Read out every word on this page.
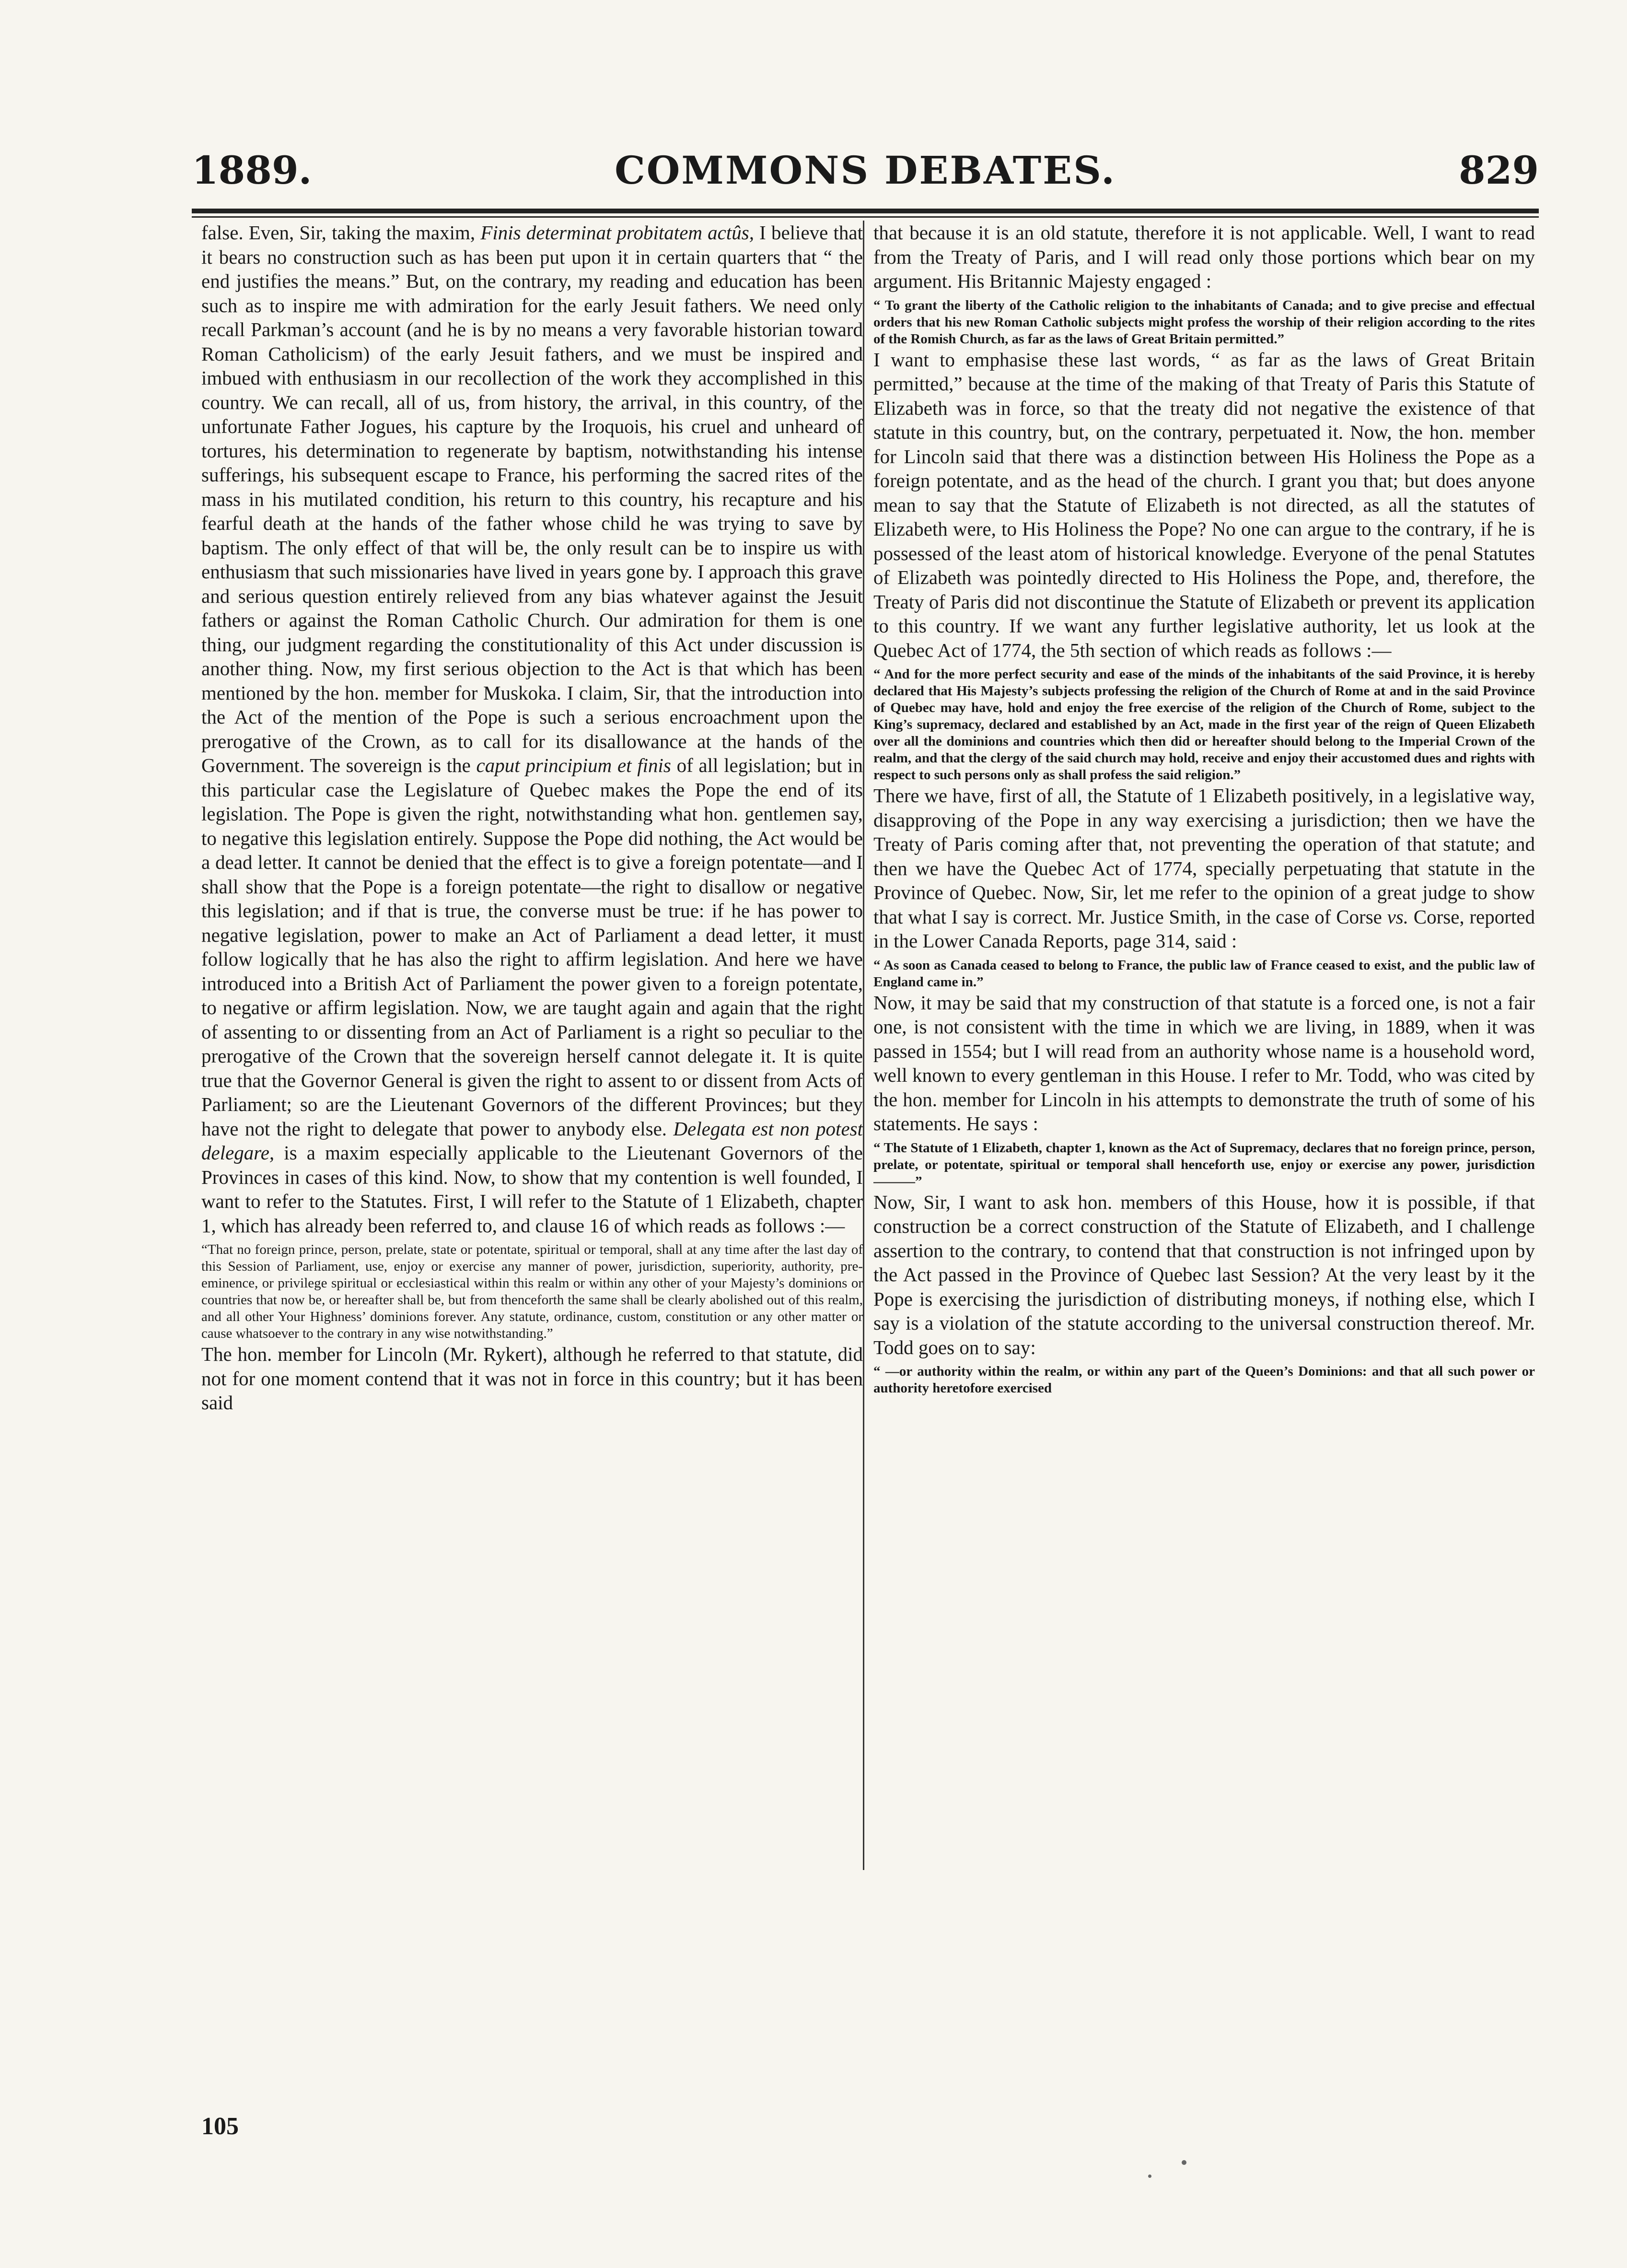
1889.	COMMONS DEBATES.	829

false. Even, Sir, taking the maxim, Finis determinat probitatem actûs, I believe that it bears no construction such as has been put upon it in certain quarters that “ the end justifies the means.” But, on the contrary, my reading and education has been such as to inspire me with admiration for the early Jesuit fathers. We need only recall Parkman’s account (and he is by no means a very favorable historian toward Roman Catholicism) of the early Jesuit fathers, and we must be inspired and imbued with enthusiasm in our recollection of the work they accomplished in this country. We can recall, all of us, from history, the arrival, in this country, of the unfortunate Father Jogues, his capture by the Iroquois, his cruel and unheard of tortures, his determination to regenerate by baptism, notwithstanding his intense sufferings, his subsequent escape to France, his performing the sacred rites of the mass in his mutilated condition, his return to this country, his recapture and his fearful death at the hands of the father whose child he was trying to save by baptism. The only effect of that will be, the only result can be to inspire us with enthusiasm that such missionaries have lived in years gone by. I approach this grave and serious question entirely relieved from any bias whatever against the Jesuit fathers or against the Roman Catholic Church. Our admiration for them is one thing, our judgment regarding the constitutionality of this Act under discussion is another thing. Now, my first serious objection to the Act is that which has been mentioned by the hon. member for Muskoka. I claim, Sir, that the introduction into the Act of the mention of the Pope is such a serious encroachment upon the prerogative of the Crown, as to call for its disallowance at the hands of the Government. The sovereign is the caput principium et finis of all legislation; but in this particular case the Legislature of Quebec makes the Pope the end of its legislation. The Pope is given the right, notwithstanding what hon. gentlemen say, to negative this legislation entirely. Suppose the Pope did nothing, the Act would be a dead letter. It cannot be denied that the effect is to give a foreign potentate—and I shall show that the Pope is a foreign potentate—the right to disallow or negative this legislation; and if that is true, the converse must be true: if he has power to negative legislation, power to make an Act of Parliament a dead letter, it must follow logically that he has also the right to affirm legislation. And here we have introduced into a British Act of Parliament the power given to a foreign potentate, to negative or affirm legislation. Now, we are taught again and again that the right of assenting to or dissenting from an Act of Parliament is a right so peculiar to the prerogative of the Crown that the sovereign herself cannot delegate it. It is quite true that the Governor General is given the right to assent to or dissent from Acts of Parliament; so are the Lieutenant Governors of the different Provinces; but they have not the right to delegate that power to anybody else. Delegata est non potest delegare, is a maxim especially applicable to the Lieutenant Governors of the Provinces in cases of this kind. Now, to show that my contention is well founded, I want to refer to the Statutes. First, I will refer to the Statute of 1 Elizabeth, chapter 1, which has already been referred to, and clause 16 of which reads as follows :—

“That no foreign prince, person, prelate, state or potentate, spiritual or temporal, shall at any time after the last day of this Session of Parliament, use, enjoy or exercise any manner of power, jurisdiction, superiority, authority, pre-eminence, or privilege spiritual or ecclesiastical within this realm or within any other of your Majesty’s dominions or countries that now be, or hereafter shall be, but from thenceforth the same shall be clearly abolished out of this realm, and all other Your Highness’ dominions forever. Any statute, ordinance, custom, constitution or any other matter or cause whatsoever to the contrary in any wise notwithstanding.”

The hon. member for Lincoln (Mr. Rykert), although he referred to that statute, did not for one moment contend that it was not in force in this country; but it has been said

105

that because it is an old statute, therefore it is not applicable. Well, I want to read from the Treaty of Paris, and I will read only those portions which bear on my argument. His Britannic Majesty engaged :

“ To grant the liberty of the Catholic religion to the inhabitants of Canada; and to give precise and effectual orders that his new Roman Catholic subjects might profess the worship of their religion according to the rites of the Romish Church, as far as the laws of Great Britain permitted.”

I want to emphasise these last words, “ as far as the laws of Great Britain permitted,” because at the time of the making of that Treaty of Paris this Statute of Elizabeth was in force, so that the treaty did not negative the existence of that statute in this country, but, on the contrary, perpetuated it. Now, the hon. member for Lincoln said that there was a distinction between His Holiness the Pope as a foreign potentate, and as the head of the church. I grant you that; but does anyone mean to say that the Statute of Elizabeth is not directed, as all the statutes of Elizabeth were, to His Holiness the Pope? No one can argue to the contrary, if he is possessed of the least atom of historical knowledge. Everyone of the penal Statutes of Elizabeth was pointedly directed to His Holiness the Pope, and, therefore, the Treaty of Paris did not discontinue the Statute of Elizabeth or prevent its application to this country. If we want any further legislative authority, let us look at the Quebec Act of 1774, the 5th section of which reads as follows :—

“ And for the more perfect security and ease of the minds of the inhabitants of the said Province, it is hereby declared that His Majesty’s subjects professing the religion of the Church of Rome at and in the said Province of Quebec may have, hold and enjoy the free exercise of the religion of the Church of Rome, subject to the King’s supremacy, declared and established by an Act, made in the first year of the reign of Queen Elizabeth over all the dominions and countries which then did or hereafter should belong to the Imperial Crown of the realm, and that the clergy of the said church may hold, receive and enjoy their accustomed dues and rights with respect to such persons only as shall profess the said religion.”

There we have, first of all, the Statute of 1 Elizabeth positively, in a legislative way, disapproving of the Pope in any way exercising a jurisdiction; then we have the Treaty of Paris coming after that, not preventing the operation of that statute; and then we have the Quebec Act of 1774, specially perpetuating that statute in the Province of Quebec. Now, Sir, let me refer to the opinion of a great judge to show that what I say is correct. Mr. Justice Smith, in the case of Corse vs. Corse, reported in the Lower Canada Reports, page 314, said :

“ As soon as Canada ceased to belong to France, the public law of France ceased to exist, and the public law of England came in.”

Now, it may be said that my construction of that statute is a forced one, is not a fair one, is not consistent with the time in which we are living, in 1889, when it was passed in 1554; but I will read from an authority whose name is a household word, well known to every gentleman in this House. I refer to Mr. Todd, who was cited by the hon. member for Lincoln in his attempts to demonstrate the truth of some of his statements. He says :

“ The Statute of 1 Elizabeth, chapter 1, known as the Act of Supremacy, declares that no foreign prince, person, prelate, or potentate, spiritual or temporal shall henceforth use, enjoy or exercise any power, jurisdiction———”

Now, Sir, I want to ask hon. members of this House, how it is possible, if that construction be a correct construction of the Statute of Elizabeth, and I challenge assertion to the contrary, to contend that that construction is not infringed upon by the Act passed in the Province of Quebec last Session? At the very least by it the Pope is exercising the jurisdiction of distributing moneys, if nothing else, which I say is a violation of the statute according to the universal construction thereof. Mr. Todd goes on to say:

“ —or authority within the realm, or within any part of the Queen’s Dominions: and that all such power or authority heretofore exercised
